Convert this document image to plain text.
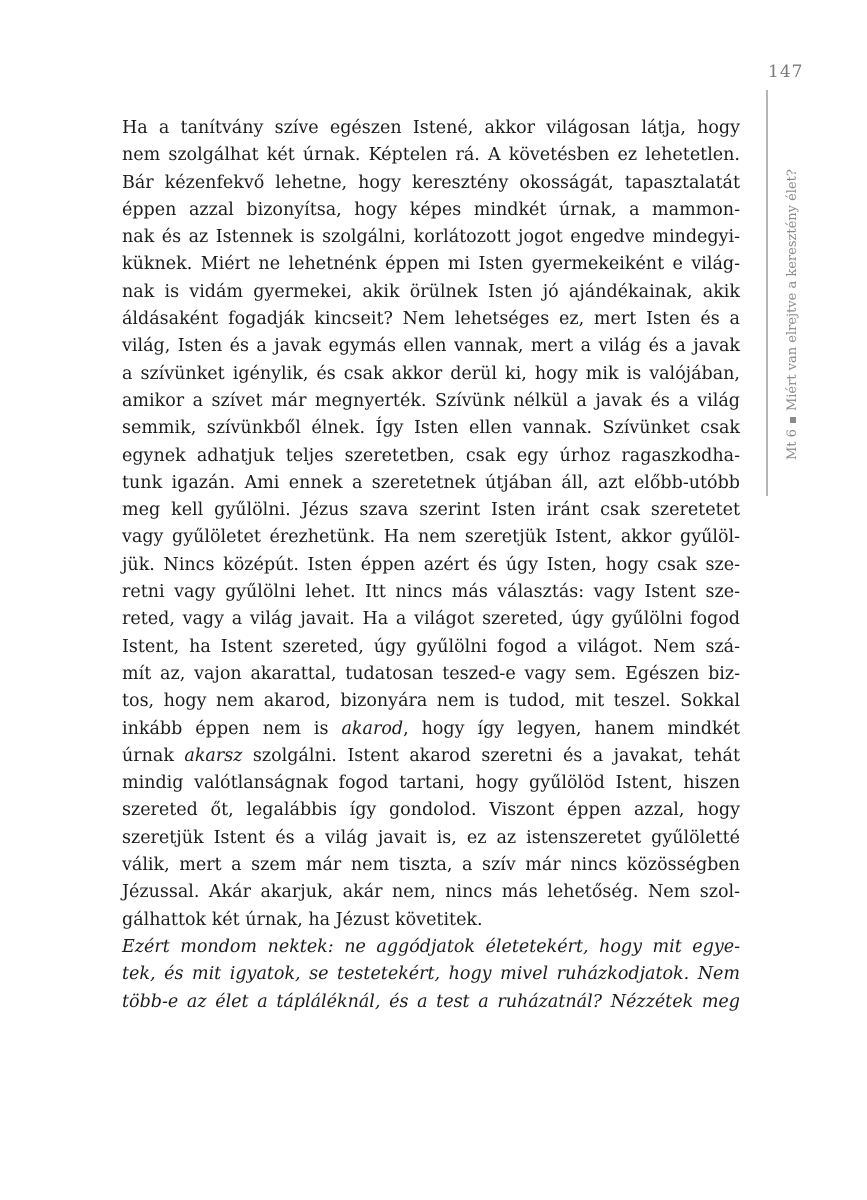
147
Mt 6Miért van elrejtve a keresztény élet?
Ha a tanítvány szíve egészen Istené, akkor világosan látja, hogy
nem szolgálhat két úrnak. Képtelen rá. A követésben ez lehetetlen.
Bár kézenfekvő lehetne, hogy keresztény okosságát, tapasztalatát
éppen azzal bizonyítsa, hogy képes mindkét úrnak, a mammon-
nak és az Istennek is szolgálni, korlátozott jogot engedve mindegyi-
küknek. Miért ne lehetnénk éppen mi Isten gyermekeiként e világ-
nak is vidám gyermekei, akik örülnek Isten jó ajándékainak, akik
áldásaként fogadják kincseit? Nem lehetséges ez, mert Isten és a
világ, Isten és a javak egymás ellen vannak, mert a világ és a javak
a szívünket igénylik, és csak akkor derül ki, hogy mik is valójában,
amikor a szívet már megnyerték. Szívünk nélkül a javak és a világ
semmik, szívünkből élnek. Így Isten ellen vannak. Szívünket csak
egynek adhatjuk teljes szeretetben, csak egy úrhoz ragaszkodha-
tunk igazán. Ami ennek a szeretetnek útjában áll, azt előbb-utóbb
meg kell gyűlölni. Jézus szava szerint Isten iránt csak szeretetet
vagy gyűlöletet érezhetünk. Ha nem szeretjük Istent, akkor gyűlöl-
jük. Nincs középút. Isten éppen azért és úgy Isten, hogy csak sze-
retni vagy gyűlölni lehet. Itt nincs más választás: vagy Istent sze-
reted, vagy a világ javait. Ha a világot szereted, úgy gyűlölni fogod
Istent, ha Istent szereted, úgy gyűlölni fogod a világot. Nem szá-
mít az, vajon akarattal, tudatosan teszed-e vagy sem. Egészen biz-
tos, hogy nem akarod, bizonyára nem is tudod, mit teszel. Sokkal
inkább éppen nem is akarod, hogy így legyen, hanem mindkét
úrnak akarsz szolgálni. Istent akarod szeretni és a javakat, tehát
mindig valótlanságnak fogod tartani, hogy gyűlölöd Istent, hiszen
szereted őt, legalábbis így gondolod. Viszont éppen azzal, hogy
szeretjük Istent és a világ javait is, ez az istenszeretet gyűlöletté
válik, mert a szem már nem tiszta, a szív már nincs közösségben
Jézussal. Akár akarjuk, akár nem, nincs más lehetőség. Nem szol-
gálhattok két úrnak, ha Jézust követitek.
Ezért mondom nektek: ne aggódjatok életetekért, hogy mit egye-
tek, és mit igyatok, se testetekért, hogy mivel ruházkodjatok. Nem
több-e az élet a tápláléknál, és a test a ruházatnál? Nézzétek meg
